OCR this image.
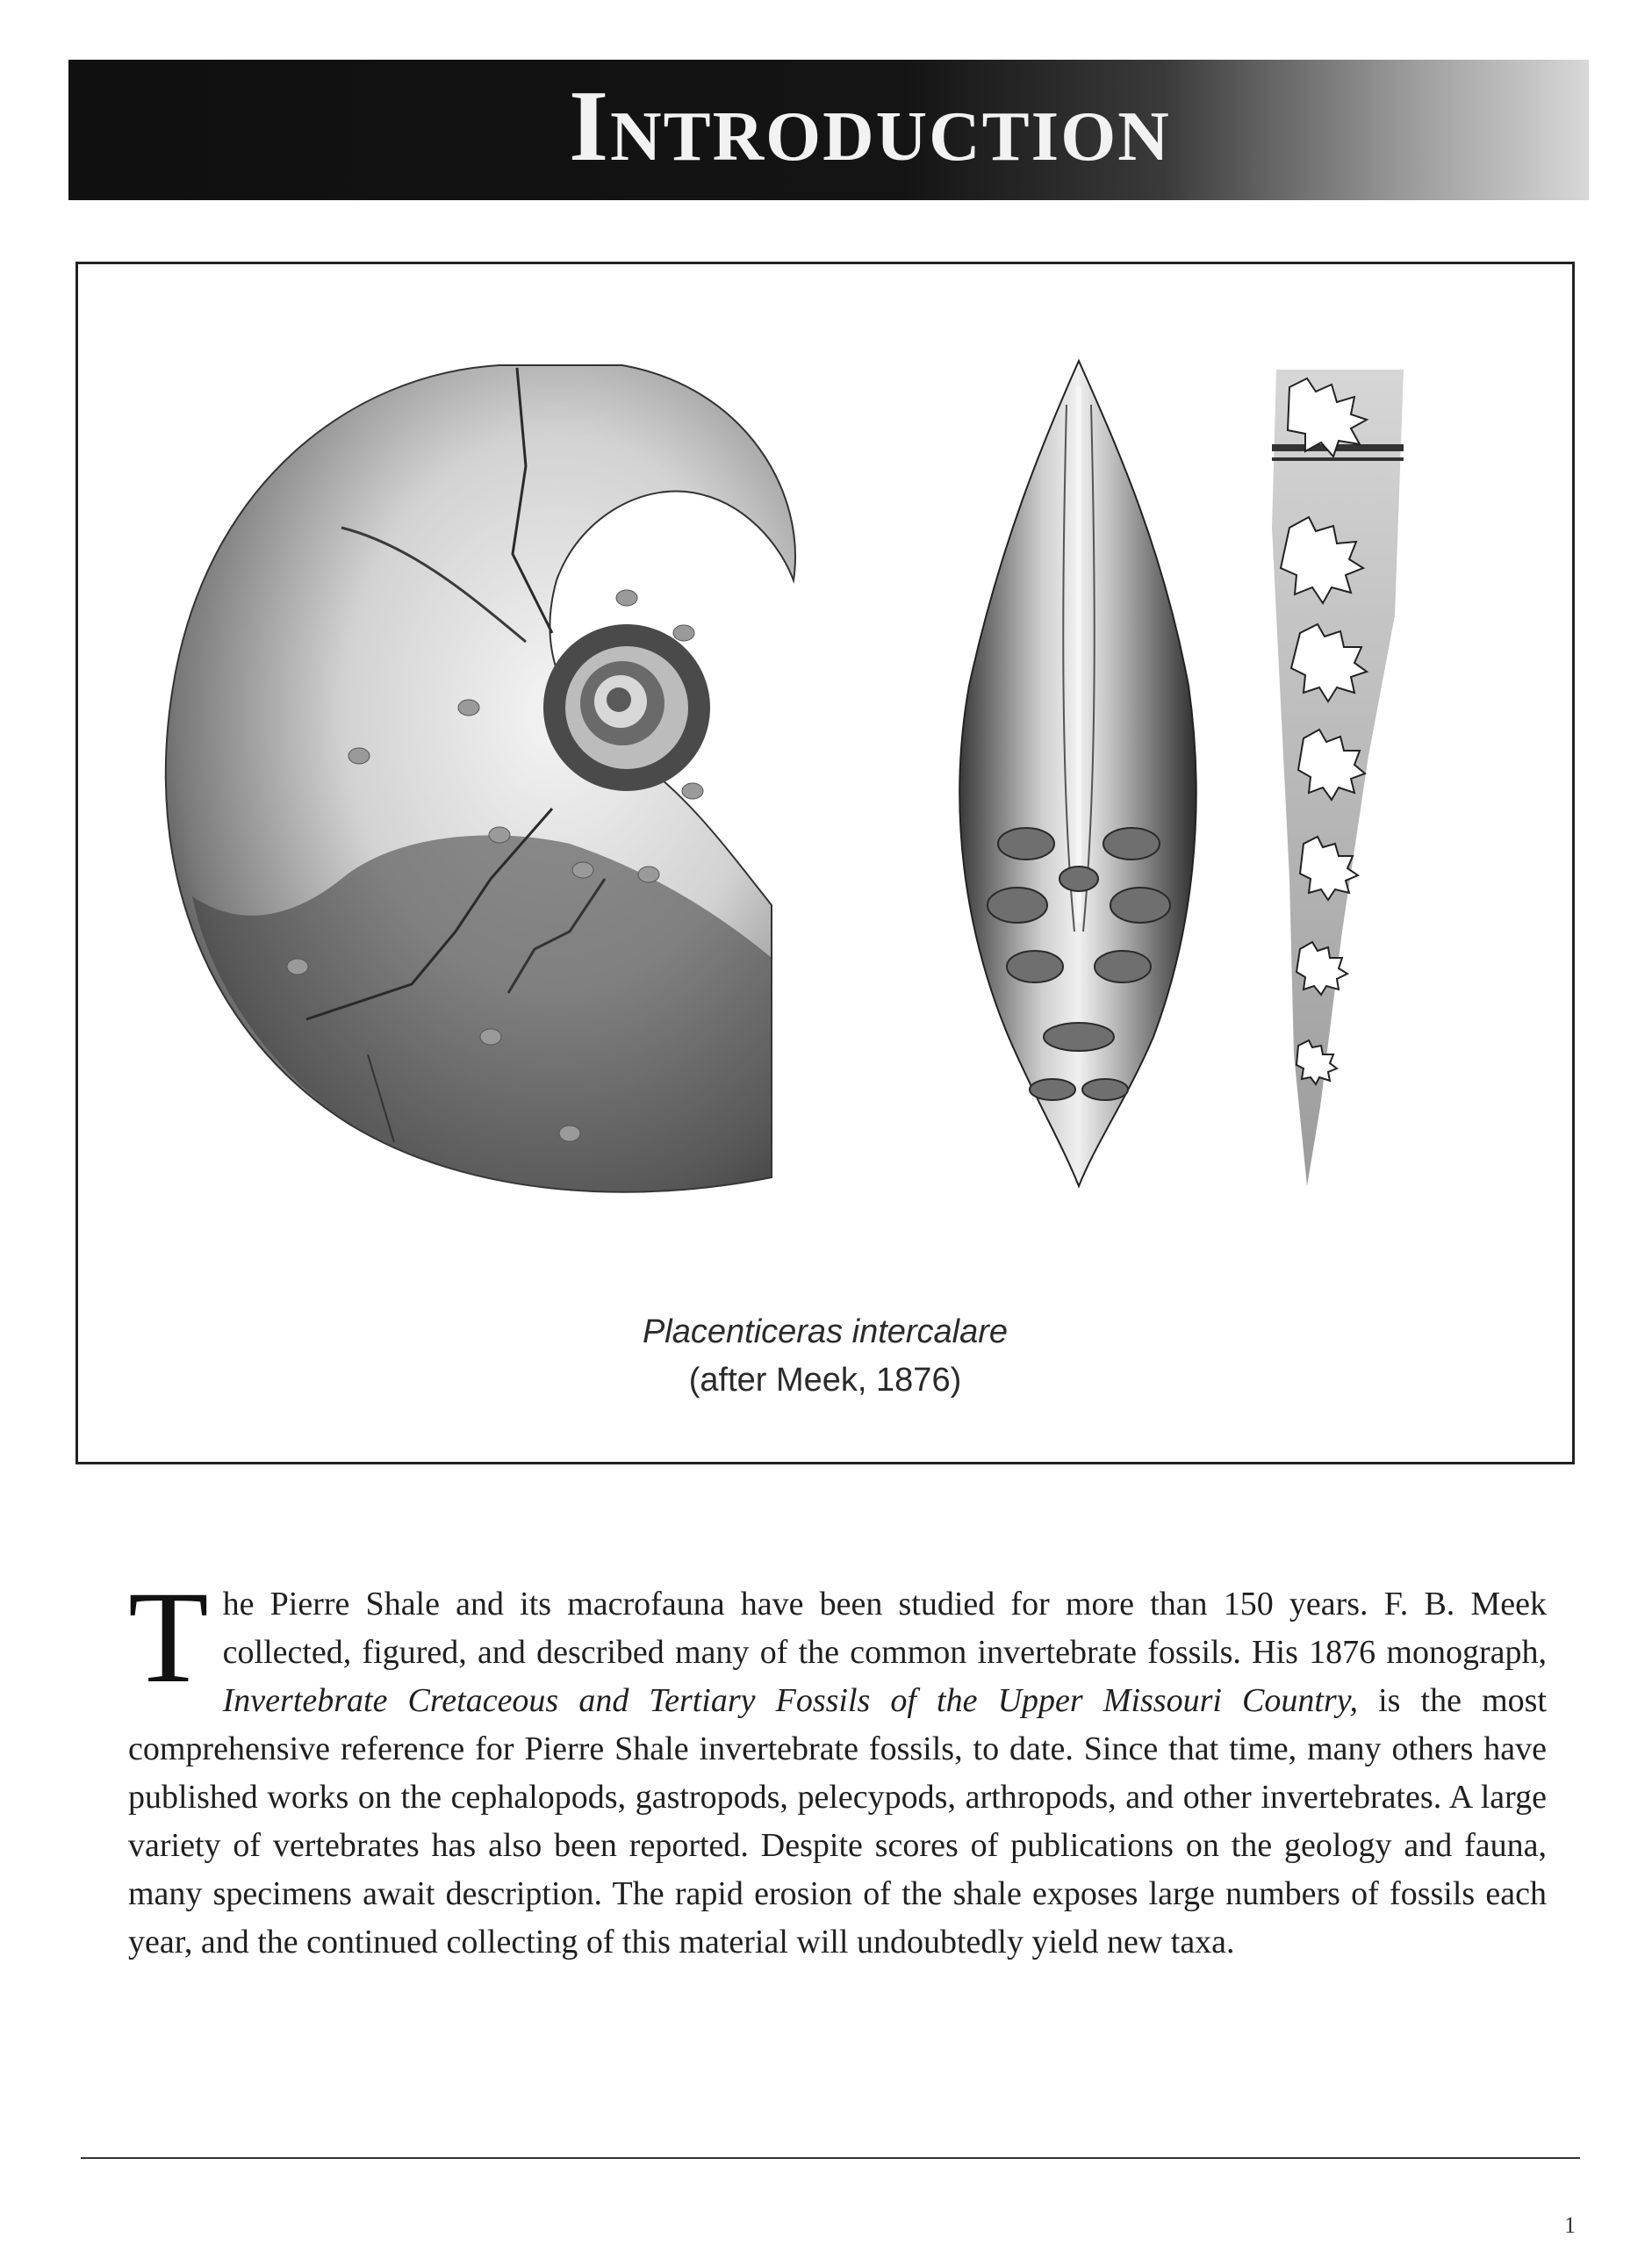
Introduction
Placenticeras intercalare
(after Meek, 1876)
The Pierre Shale and its macrofauna have been studied for more than 150 years. F. B. Meek collected, figured, and described many of the common invertebrate fossils. His 1876 monograph, Invertebrate Cretaceous and Tertiary Fossils of the Upper Missouri Country, is the most comprehensive reference for Pierre Shale invertebrate fossils, to date. Since that time, many others have published works on the cephalopods, gastropods, pelecypods, arthropods, and other invertebrates. A large variety of vertebrates has also been reported. Despite scores of publications on the geology and fauna, many specimens await description. The rapid erosion of the shale exposes large numbers of fossils each year, and the continued collecting of this material will undoubtedly yield new taxa.
1
